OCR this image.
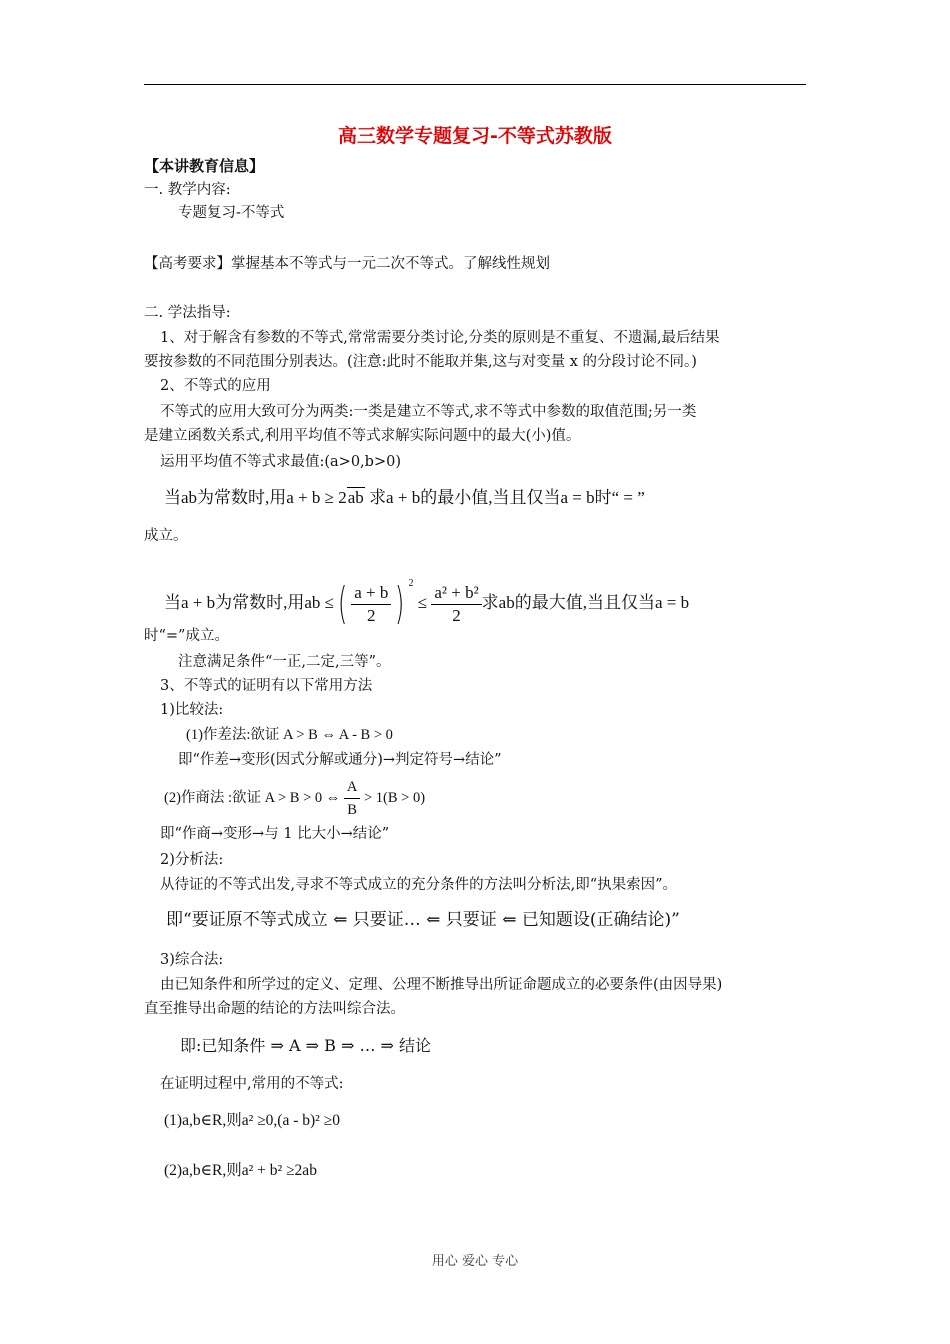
高三数学专题复习-不等式苏教版
【本讲教育信息】
一. 教学内容:
专题复习-不等式
【高考要求】掌握基本不等式与一元二次不等式。了解线性规划
二. 学法指导:
1、对于解含有参数的不等式,常常需要分类讨论,分类的原则是不重复、不遗漏,最后结果
要按参数的不同范围分别表达。(注意:此时不能取并集,这与对变量 x 的分段讨论不同。)
2、不等式的应用
不等式的应用大致可分为两类:一类是建立不等式,求不等式中参数的取值范围;另一类
是建立函数关系式,利用平均值不等式求解实际问题中的最大(小)值。
运用平均值不等式求最值:(a>0,b>0)
当ab为常数时,用a + b ≥ 2ab 求a + b的最小值,当且仅当a = b时“ = ”
成立。
当a + b为常数时,用ab ≤( $\frac{a + b}{2}$ ) $^2 \le \frac{\text{a² + b²}}{2}$ 求ab的最大值,当且仅当a = b
时“=”成立。
注意满足条件“一正,二定,三等”。
3、不等式的证明有以下常用方法
1)比较法:
(1)作差法:欲证 A > B ⇔ A - B > 0
即“作差→变形(因式分解或通分)→判定符号→结论”
(2)作商法 :欲证 A > B > 0 ⇔ $\frac{A}{B} > 1(B > 0)$
即“作商→变形→与 1 比大小→结论”
2)分析法:
从待证的不等式出发,寻求不等式成立的充分条件的方法叫分析法,即“执果索因”。
即“要证原不等式成立 ⇐ 只要证… ⇐ 只要证 ⇐ 已知题设(正确结论)”
3)综合法:
由已知条件和所学过的定义、定理、公理不断推导出所证命题成立的必要条件(由因导果)
直至推导出命题的结论的方法叫综合法。
即:已知条件 ⇒ A ⇒ B ⇒ … ⇒ 结论
在证明过程中,常用的不等式:
(1)a,b∈R,则a² ≥0,(a - b)² ≥0
(2)a,b∈R,则a² + b² ≥2ab
用心 爱心 专心
